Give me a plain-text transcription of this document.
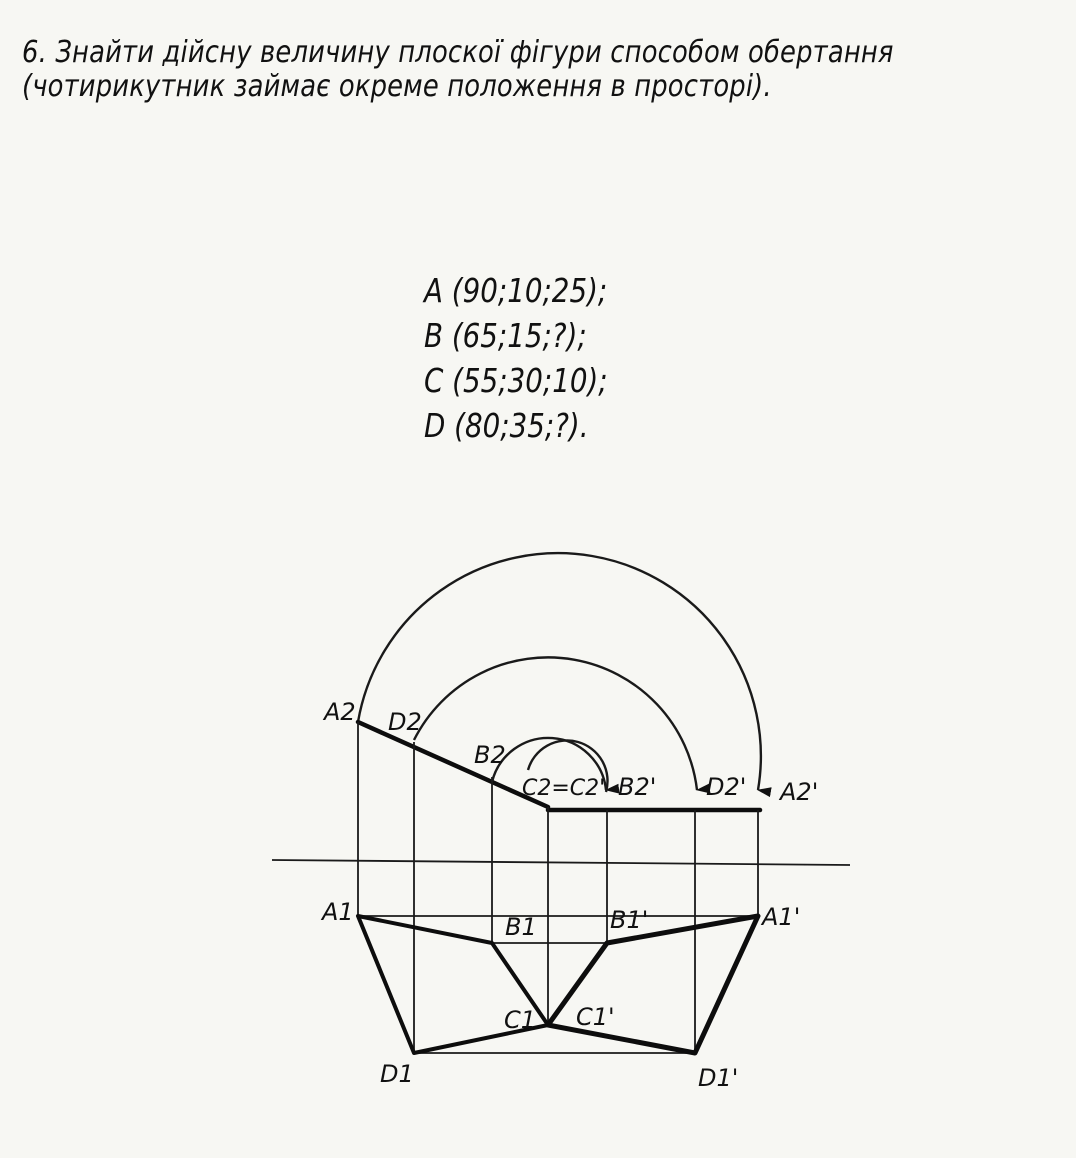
6. Знайти дійсну величину плоскої фігури способом обертання
(чотирикутник займає окреме положення в просторі).
A (90;10;25);
B (65;15;?);
C (55;30;10);
D (80;35;?).
A2 D2
B2
C2=C2' B2' D2' A2'
A1
B1	B1'	A1'
C1 C1'
D1	D1'
